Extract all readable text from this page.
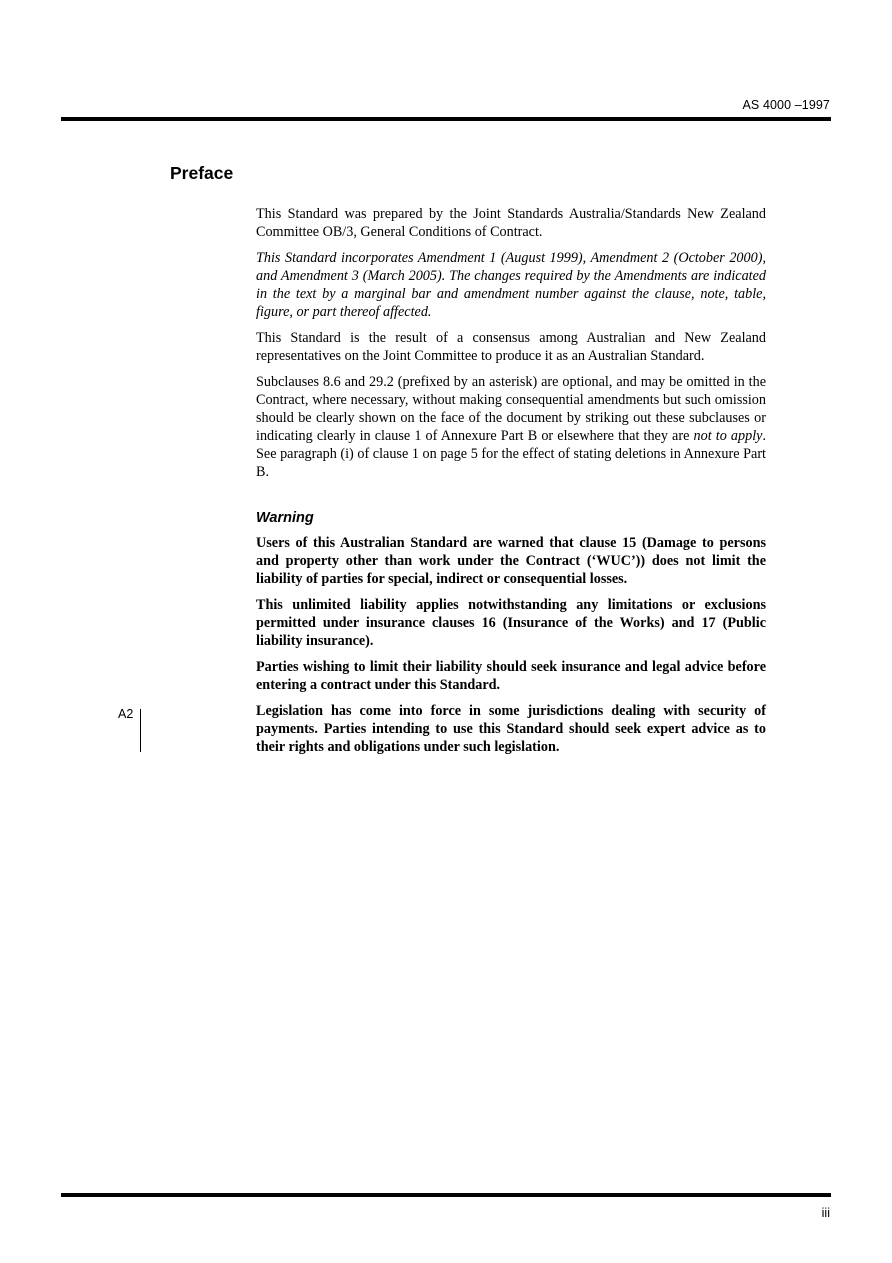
AS 4000 –1997
Preface

This Standard was prepared by the Joint Standards Australia/Standards New Zealand Committee OB/3, General Conditions of Contract.

This Standard incorporates Amendment 1 (August 1999), Amendment 2 (October 2000), and Amendment 3 (March 2005). The changes required by the Amendments are indicated in the text by a marginal bar and amendment number against the clause, note, table, figure, or part thereof affected.

This Standard is the result of a consensus among Australian and New Zealand representatives on the Joint Committee to produce it as an Australian Standard.

Subclauses 8.6 and 29.2 (prefixed by an asterisk) are optional, and may be omitted in the Contract, where necessary, without making consequential amendments but such omission should be clearly shown on the face of the document by striking out these subclauses or indicating clearly in clause 1 of Annexure Part B or elsewhere that they are not to apply. See paragraph (i) of clause 1 on page 5 for the effect of stating deletions in Annexure Part B.

Warning

Users of this Australian Standard are warned that clause 15 (Damage to persons and property other than work under the Contract (‘WUC’)) does not limit the liability of parties for special, indirect or consequential losses.

This unlimited liability applies notwithstanding any limitations or exclusions permitted under insurance clauses 16 (Insurance of the Works) and 17 (Public liability insurance).

Parties wishing to limit their liability should seek insurance and legal advice before entering a contract under this Standard.

Legislation has come into force in some jurisdictions dealing with security of payments. Parties intending to use this Standard should seek expert advice as to their rights and obligations under such legislation.

A2
iii
